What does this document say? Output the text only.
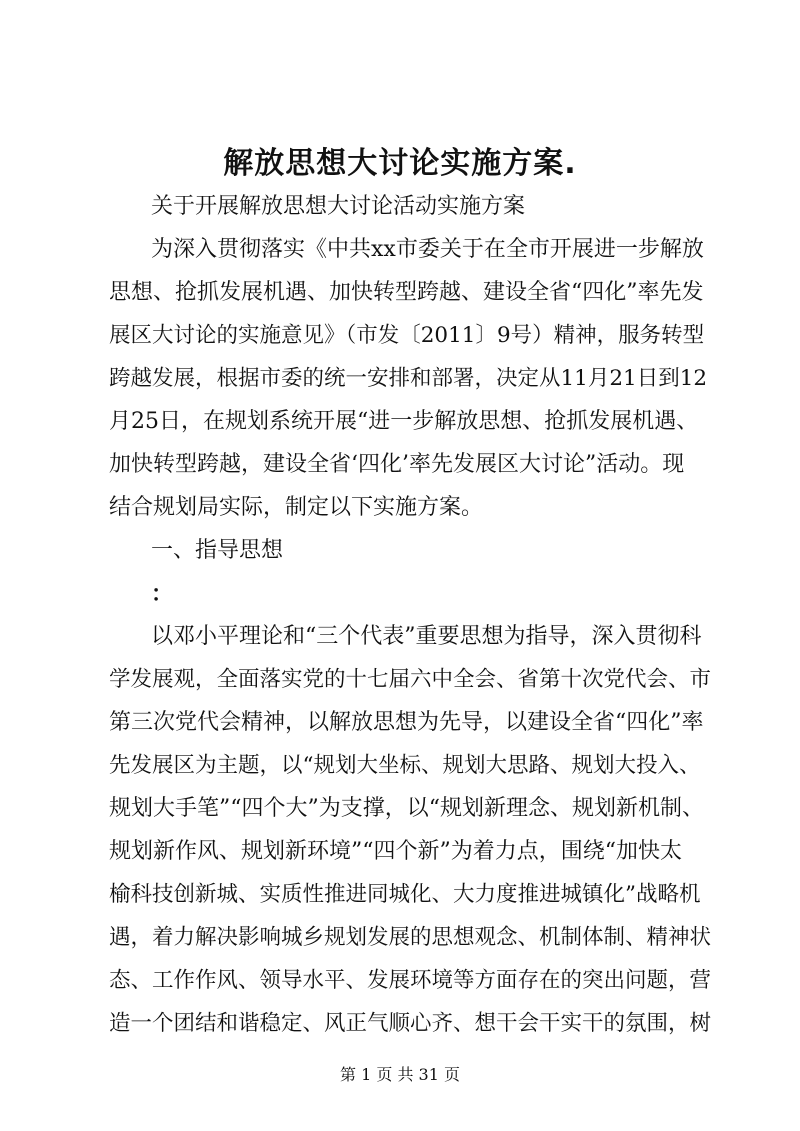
解放思想大讨论实施方案.
关于开展解放思想大讨论活动实施方案
为深入贯彻落实《中共xx市委关于在全市开展进一步解放
思想、抢抓发展机遇、加快转型跨越、建设全省“四化”率先发
展区大讨论的实施意见》（市发〔2011〕9号）精神，服务转型
跨越发展，根据市委的统一安排和部署，决定从11月21日到12
月25日，在规划系统开展“进一步解放思想、抢抓发展机遇、
加快转型跨越，建设全省‘四化’率先发展区大讨论”活动。现
结合规划局实际，制定以下实施方案。
一、指导思想
：
以邓小平理论和“三个代表”重要思想为指导，深入贯彻科
学发展观，全面落实党的十七届六中全会、省第十次党代会、市
第三次党代会精神，以解放思想为先导，以建设全省“四化”率
先发展区为主题，以“规划大坐标、规划大思路、规划大投入、
规划大手笔”“四个大”为支撑，以“规划新理念、规划新机制、
规划新作风、规划新环境”“四个新”为着力点，围绕“加快太
榆科技创新城、实质性推进同城化、大力度推进城镇化”战略机
遇，着力解决影响城乡规划发展的思想观念、机制体制、精神状
态、工作作风、领导水平、发展环境等方面存在的突出问题，营
造一个团结和谐稳定、风正气顺心齐、想干会干实干的氛围，树
第 1 页 共 31 页
